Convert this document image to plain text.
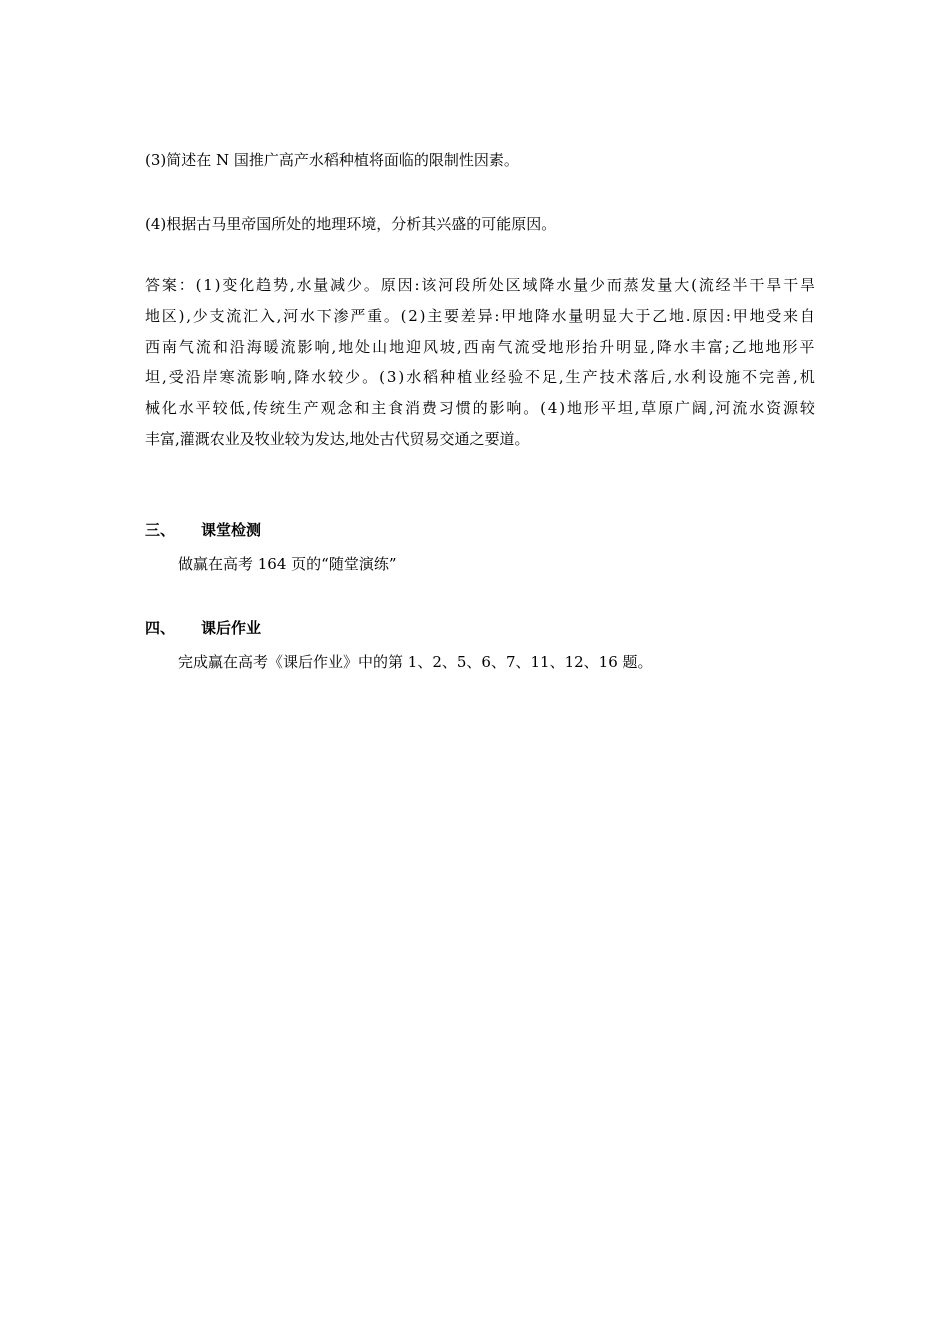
(3)简述在 N 国推广高产水稻种植将面临的限制性因素。
(4)根据古马里帝国所处的地理环境，分析其兴盛的可能原因。
答 案 ： ( 1 ) 变 化 趋 势 , 水 量 减 少 。 原 因 : 该 河 段 所 处 区 域 降 水 量 少 而 蒸 发 量 大 ( 流 经 半 干 旱 干 旱
地 区 ) , 少 支 流 汇 入 , 河 水 下 渗 严 重 。 ( 2 ) 主 要 差 异 : 甲 地 降 水 量 明 显 大 于 乙 地 . 原 因 : 甲 地 受 来 自
西 南 气 流 和 沿 海 暖 流 影 响 , 地 处 山 地 迎 风 坡 , 西 南 气 流 受 地 形 抬 升 明 显 , 降 水 丰 富 ; 乙 地 地 形 平
坦 , 受 沿 岸 寒 流 影 响 , 降 水 较 少 。 ( 3 ) 水 稻 种 植 业 经 验 不 足 , 生 产 技 术 落 后 , 水 利 设 施 不 完 善 , 机
械 化 水 平 较 低 , 传 统 生 产 观 念 和 主 食 消 费 习 惯 的 影 响 。 ( 4 ) 地 形 平 坦 , 草 原 广 阔 , 河 流 水 资 源 较
丰富,灌溉农业及牧业较为发达,地处古代贸易交通之要道。
三、 课堂检测
做赢在高考 164 页的“随堂演练”
四、 课后作业
完成赢在高考《课后作业》中的第 1、2、5、6、7、11、12、16 题。
